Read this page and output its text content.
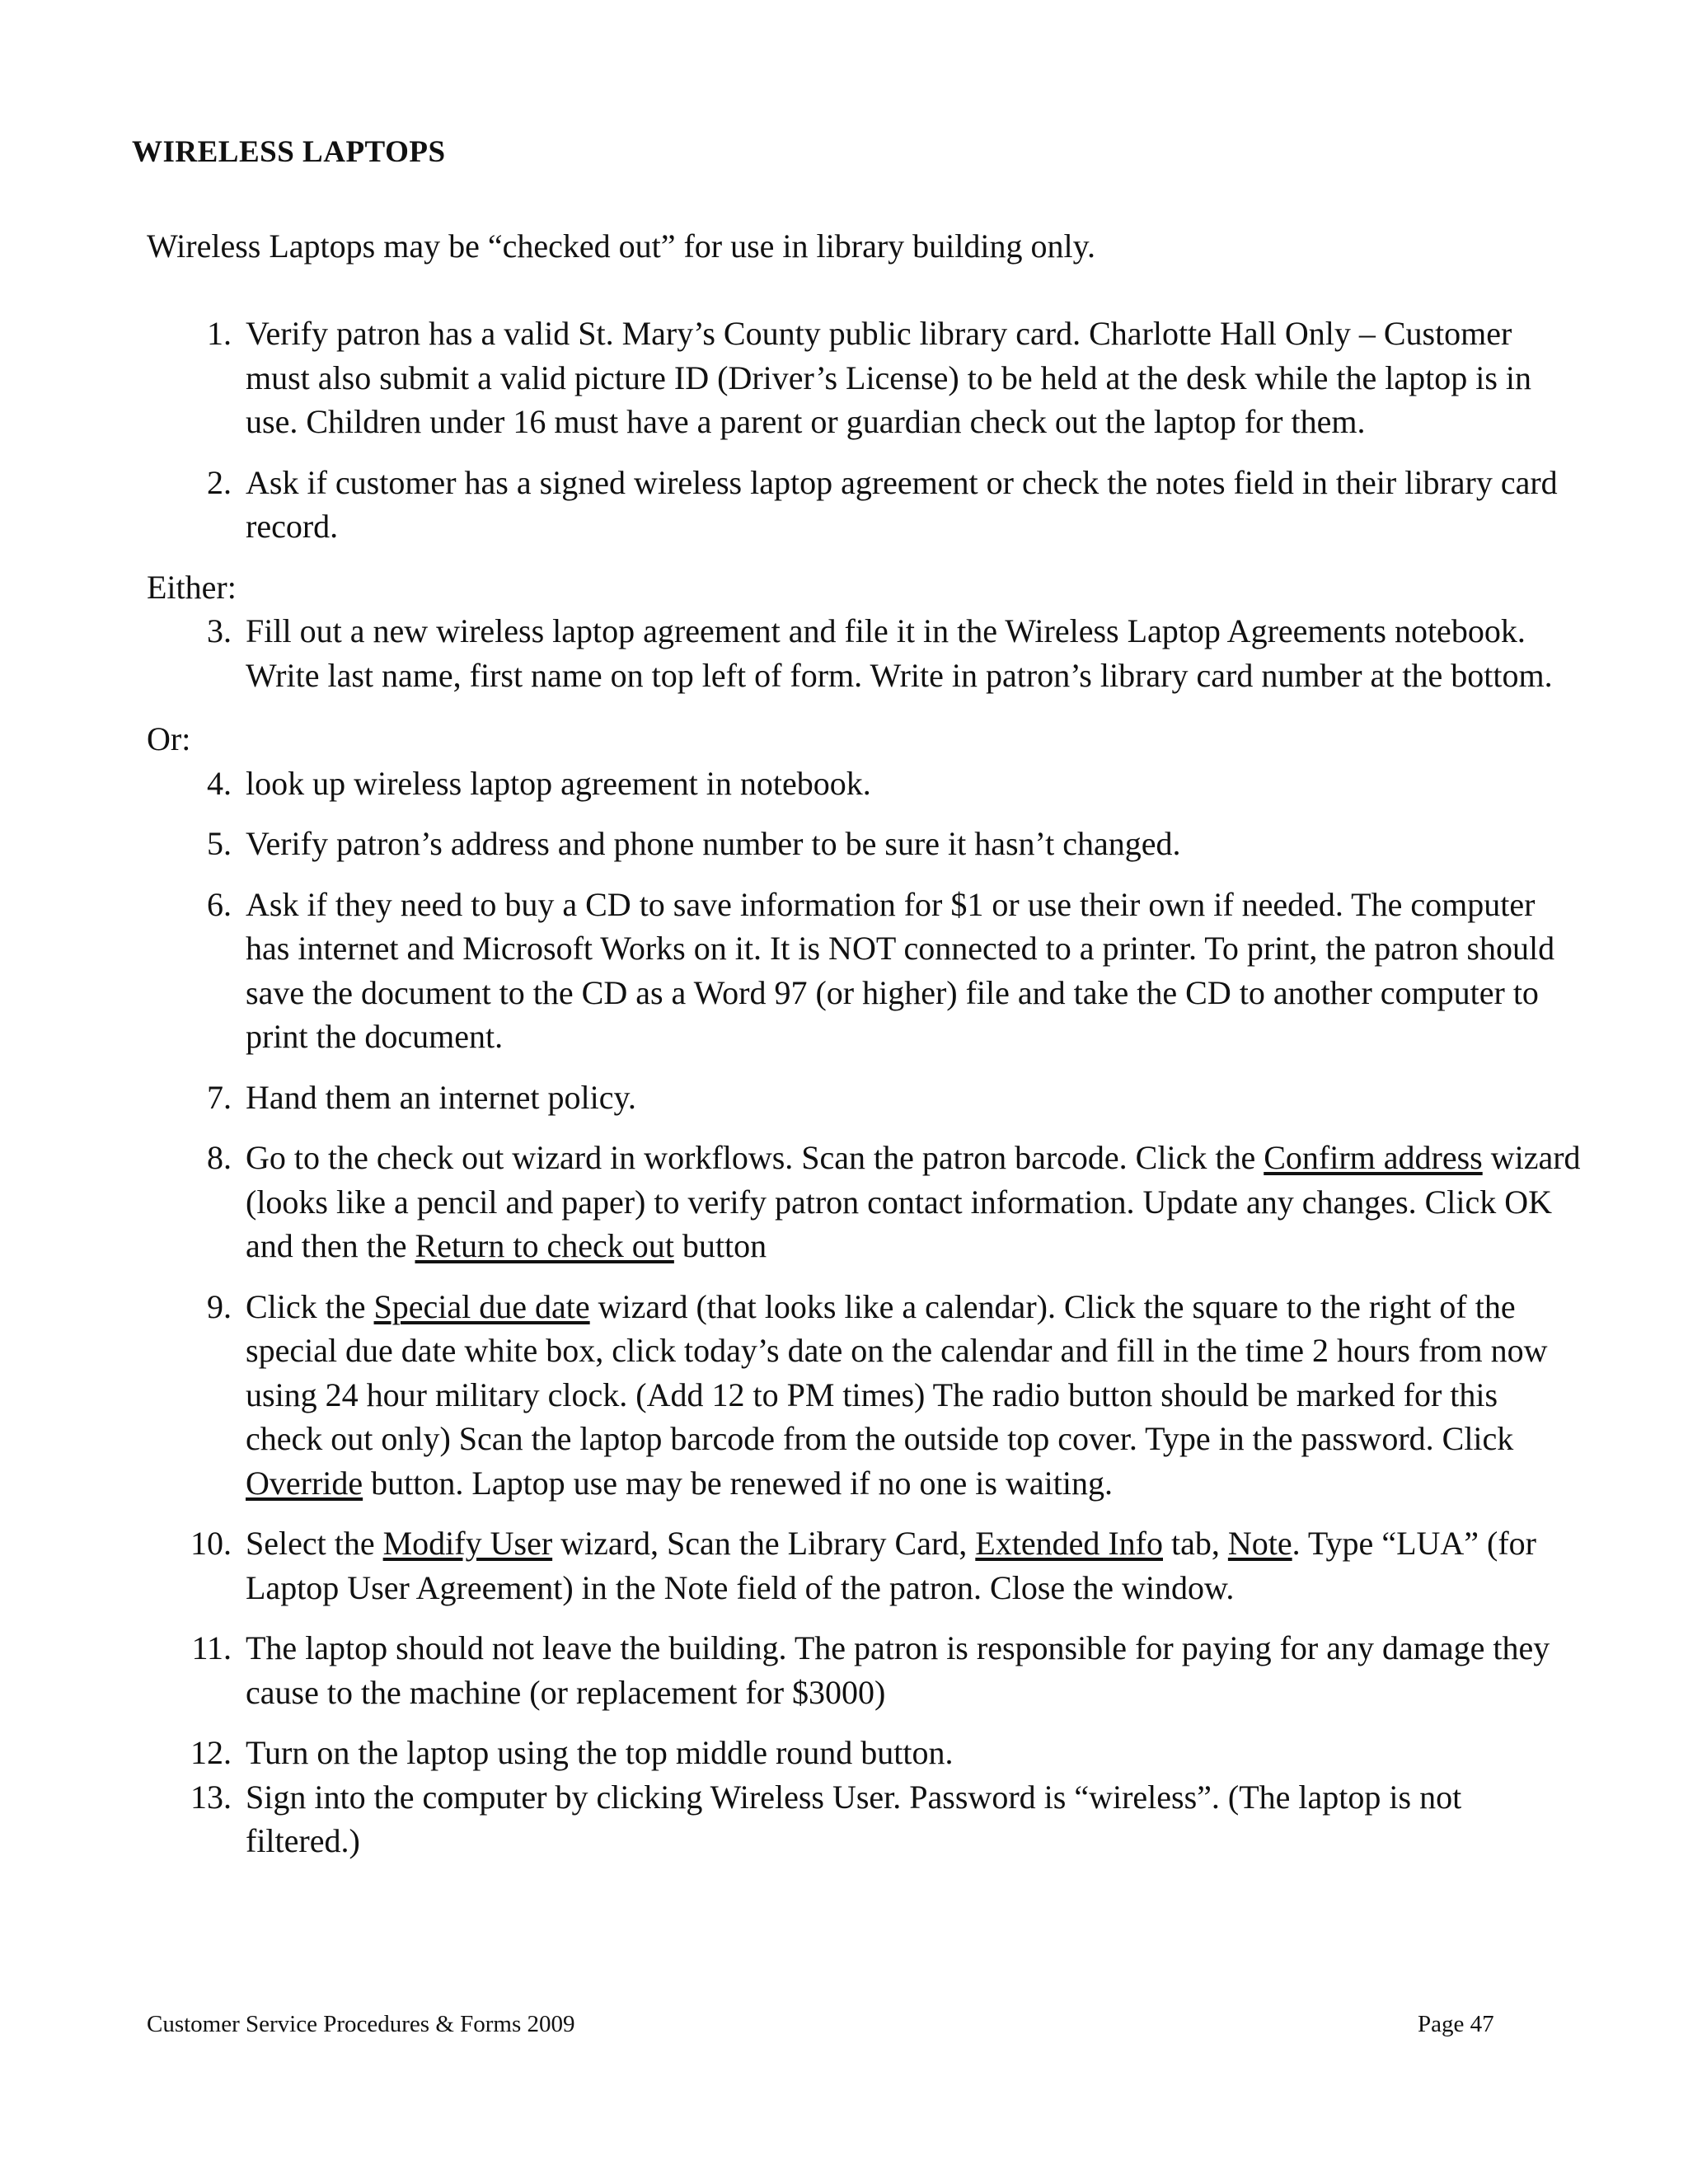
WIRELESS LAPTOPS

Wireless Laptops may be “checked out” for use in library building only.

1. Verify patron has a valid St. Mary’s County public library card. Charlotte Hall Only – Customer must also submit a valid picture ID (Driver’s License) to be held at the desk while the laptop is in use. Children under 16 must have a parent or guardian check out the laptop for them.
2. Ask if customer has a signed wireless laptop agreement or check the notes field in their library card record.
Either:
3. Fill out a new wireless laptop agreement and file it in the Wireless Laptop Agreements notebook. Write last name, first name on top left of form. Write in patron’s library card number at the bottom.
Or:
4. look up wireless laptop agreement in notebook.
5. Verify patron’s address and phone number to be sure it hasn’t changed.
6. Ask if they need to buy a CD to save information for $1 or use their own if needed. The computer has internet and Microsoft Works on it. It is NOT connected to a printer. To print, the patron should save the document to the CD as a Word 97 (or higher) file and take the CD to another computer to print the document.
7. Hand them an internet policy.
8. Go to the check out wizard in workflows. Scan the patron barcode. Click the Confirm address wizard (looks like a pencil and paper) to verify patron contact information. Update any changes. Click OK and then the Return to check out button
9. Click the Special due date wizard (that looks like a calendar). Click the square to the right of the special due date white box, click today’s date on the calendar and fill in the time 2 hours from now using 24 hour military clock. (Add 12 to PM times) The radio button should be marked for this check out only) Scan the laptop barcode from the outside top cover. Type in the password. Click Override button. Laptop use may be renewed if no one is waiting.
10. Select the Modify User wizard, Scan the Library Card, Extended Info tab, Note. Type “LUA” (for Laptop User Agreement) in the Note field of the patron. Close the window.
11. The laptop should not leave the building. The patron is responsible for paying for any damage they cause to the machine (or replacement for $3000)
12. Turn on the laptop using the top middle round button.
13. Sign into the computer by clicking Wireless User. Password is “wireless”. (The laptop is not filtered.)
Customer Service Procedures & Forms 2009	Page 47
